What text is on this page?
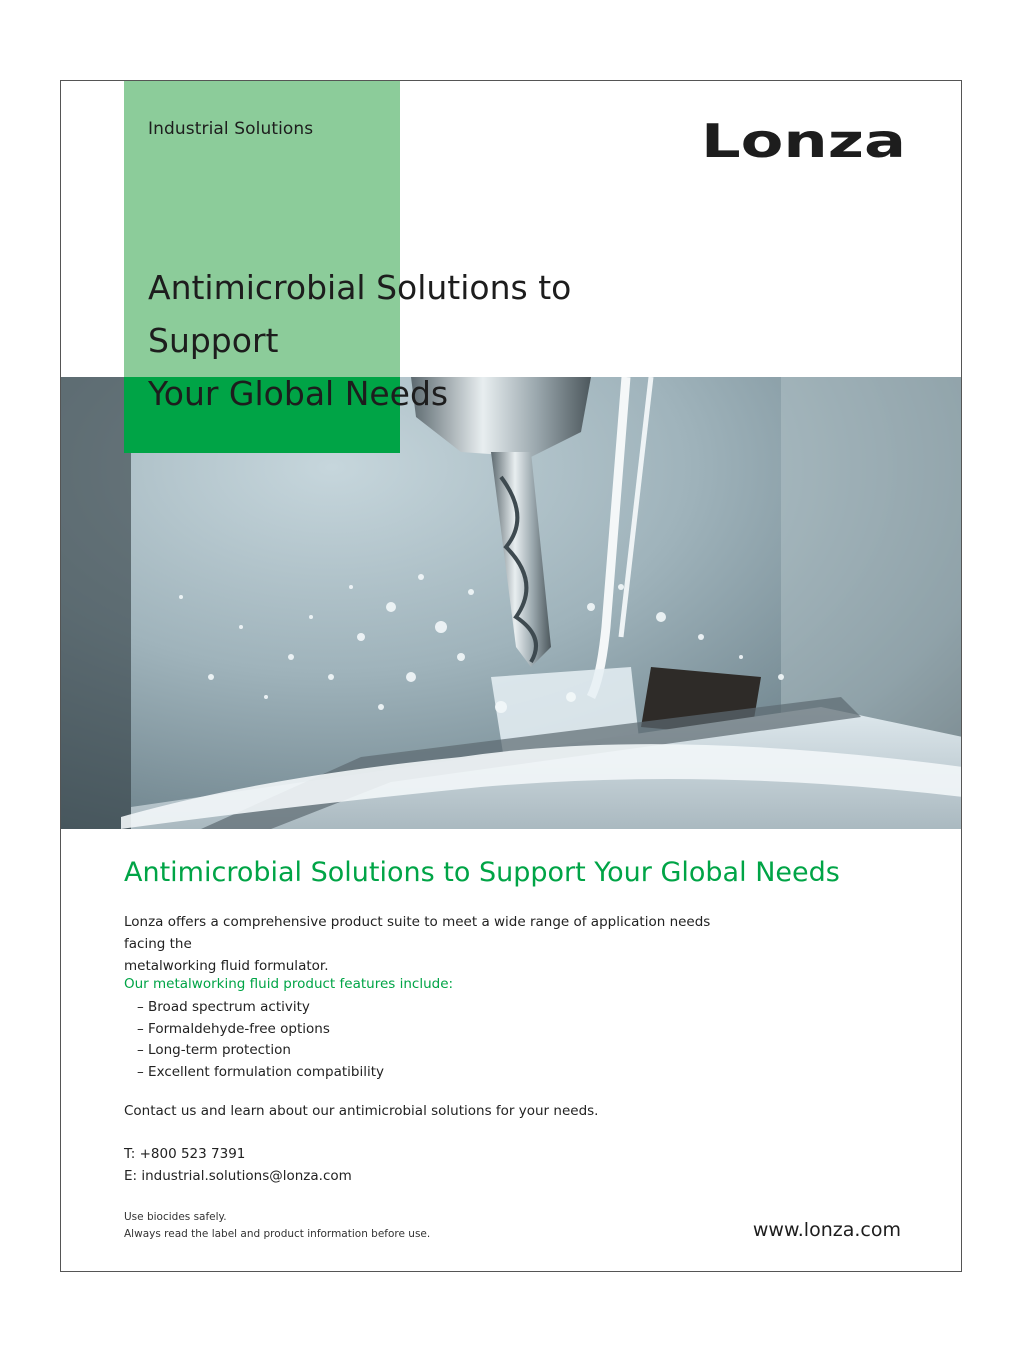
Industrial Solutions	Lonza
Antimicrobial Solutions to Support
Your Global Needs
Antimicrobial Solutions to Support Your Global Needs

Lonza offers a comprehensive product suite to meet a wide range of application needs facing the
metalworking fluid formulator.

Our metalworking fluid product features include:
– Broad spectrum activity
– Formaldehyde-free options
– Long-term protection
– Excellent formulation compatibility
Contact us and learn about our antimicrobial solutions for your needs.
T: +800 523 7391
E: industrial.solutions@lonza.com
Use biocides safely.
Always read the label and product information before use.	www.lonza.com
